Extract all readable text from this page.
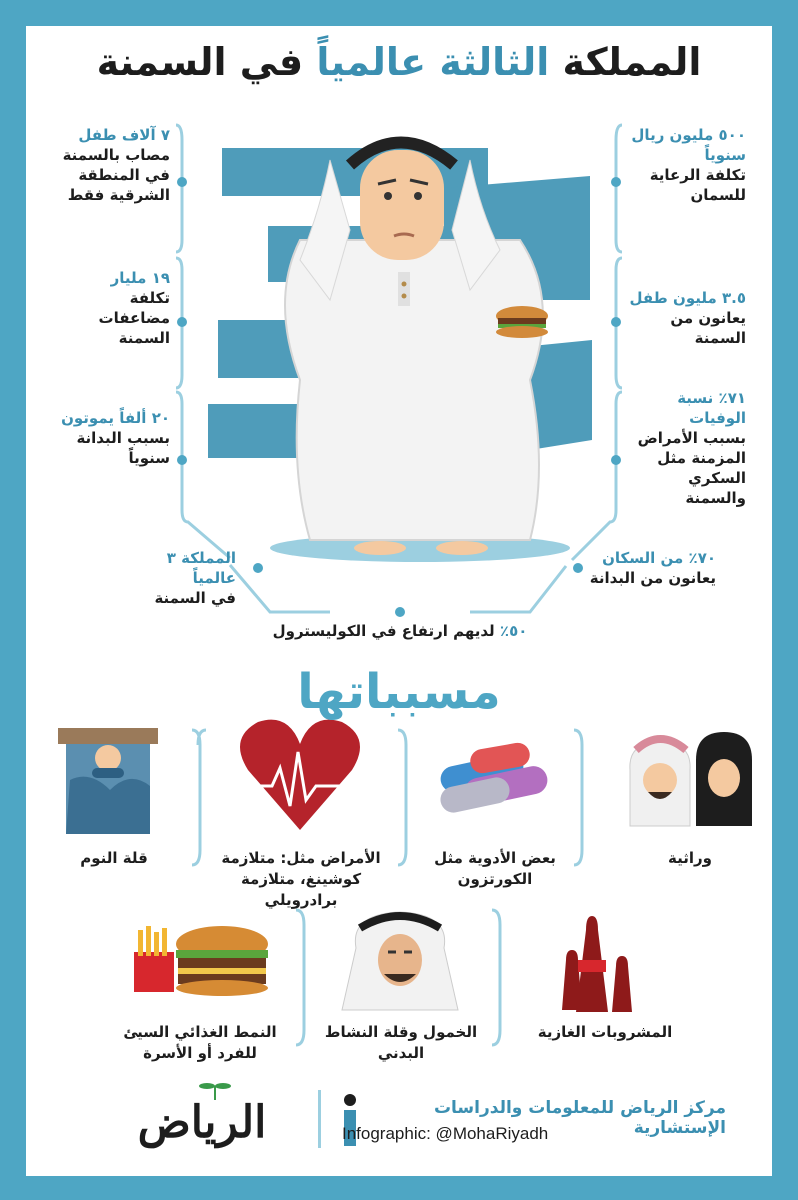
المملكة الثالثة عالمياً في السمنة
٧ آلاف طفل
مصاب بالسمنة في المنطقة الشرقية فقط
٥٠٠ مليون ريال سنوياً
تكلفة الرعاية للسمان
١٩ مليار
تكلفة مضاعفات السمنة
٣.٥ مليون طفل
يعانون من السمنة
٢٠ ألفاً يموتون
بسبب البدانة سنوياً
٧١٪ نسبة الوفيات
بسبب الأمراض المزمنة مثل السكري والسمنة
المملكة ٣ عالمياً
في السمنة
٧٠٪ من السكان
يعانون من البدانة
٥٠٪ لديهم ارتفاع في الكوليسترول
مسبباتها
وراثية
بعض الأدوية مثل الكورتزون
الأمراض مثل: متلازمة كوشينغ، متلازمة برادرويلي
قلة النوم
المشروبات الغازية
الخمول وقلة النشاط البدني
النمط الغذائي السيئ للفرد أو الأسرة
مركز الرياض للمعلومات والدراسات الإستشارية
Infographic: @MohaRiyadh
الرياض
